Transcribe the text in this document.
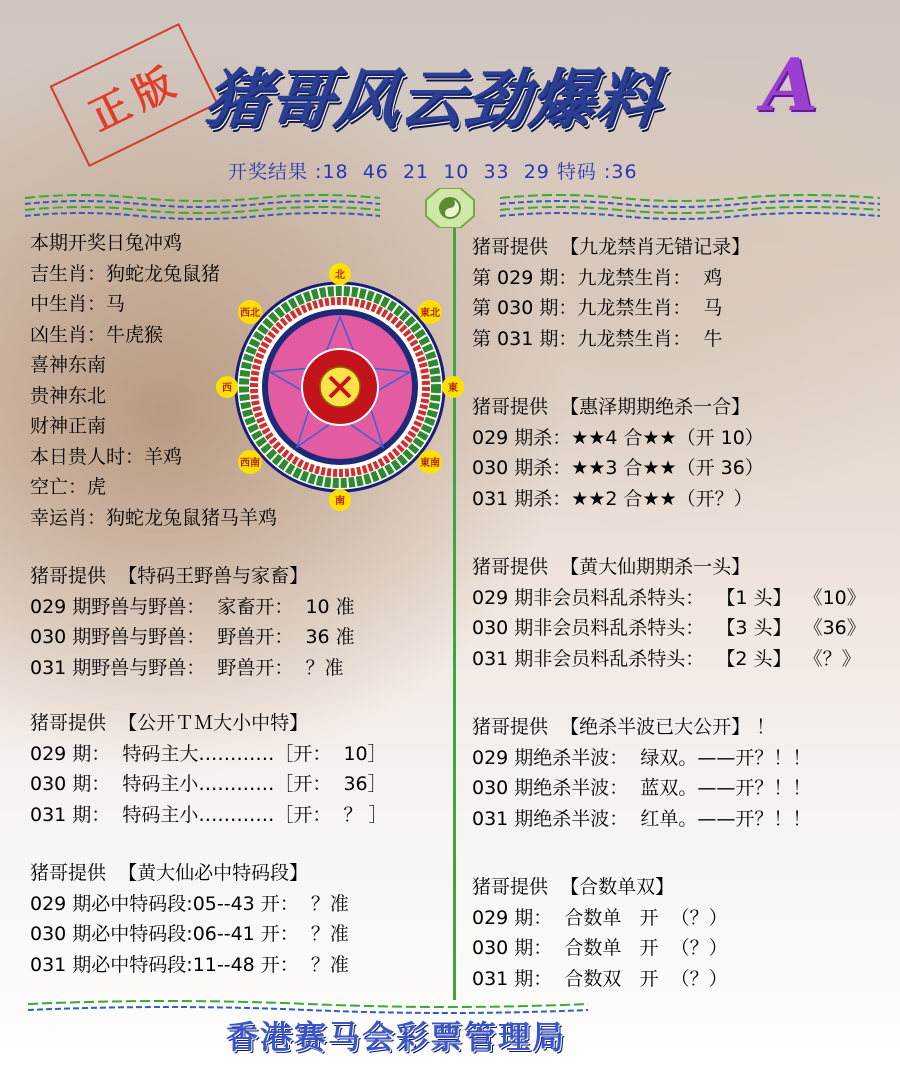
正版 猪哥风云劲爆料	A
开奖结果 :18  46  21  10  33  29 特码 :36
本期开奖日兔冲鸡
吉生肖：狗蛇龙兔鼠猪
中生肖：马
凶生肖：牛虎猴
喜神东南
贵神东北
财神正南
本日贵人时：羊鸡
空亡：虎
幸运肖：狗蛇龙兔鼠猪马羊鸡
北
東北
東
東南
南
西南
西
西北
猪哥提供  【特码王野兽与家畜】
029 期野兽与野兽：  家畜开：  10 准
030 期野兽与野兽：  野兽开：  36 准
031 期野兽与野兽：  野兽开：  ？准
猪哥提供  【公开ＴＭ大小中特】
029 期：  特码主大…………［开：  10］
030 期：  特码主小…………［开：  36］
031 期：  特码主小…………［开：  ？ ］
猪哥提供  【黄大仙必中特码段】
029 期必中特码段:05--43 开：  ？准
030 期必中特码段:06--41 开：  ？准
031 期必中特码段:11--48 开：  ？准
猪哥提供  【九龙禁肖无错记录】
第 029 期：九龙禁生肖：  鸡
第 030 期：九龙禁生肖：  马
第 031 期：九龙禁生肖：  牛
猪哥提供  【惠泽期期绝杀一合】
029 期杀：★★4 合★★（开 10）
030 期杀：★★3 合★★（开 36）
031 期杀：★★2 合★★（开？）
猪哥提供  【黄大仙期期杀一头】
029 期非会员料乱杀特头：  【1 头】  《10》
030 期非会员料乱杀特头：  【3 头】  《36》
031 期非会员料乱杀特头：  【2 头】  《？》
猪哥提供  【绝杀半波已大公开】 ！
029 期绝杀半波：  绿双。——开？！！
030 期绝杀半波：  蓝双。——开？！！
031 期绝杀半波：  红单。——开？！！
猪哥提供  【合数单双】
029 期：  合数单   开  （？）
030 期：  合数单   开  （？）
031 期：  合数双   开  （？）
香港赛马会彩票管理局
